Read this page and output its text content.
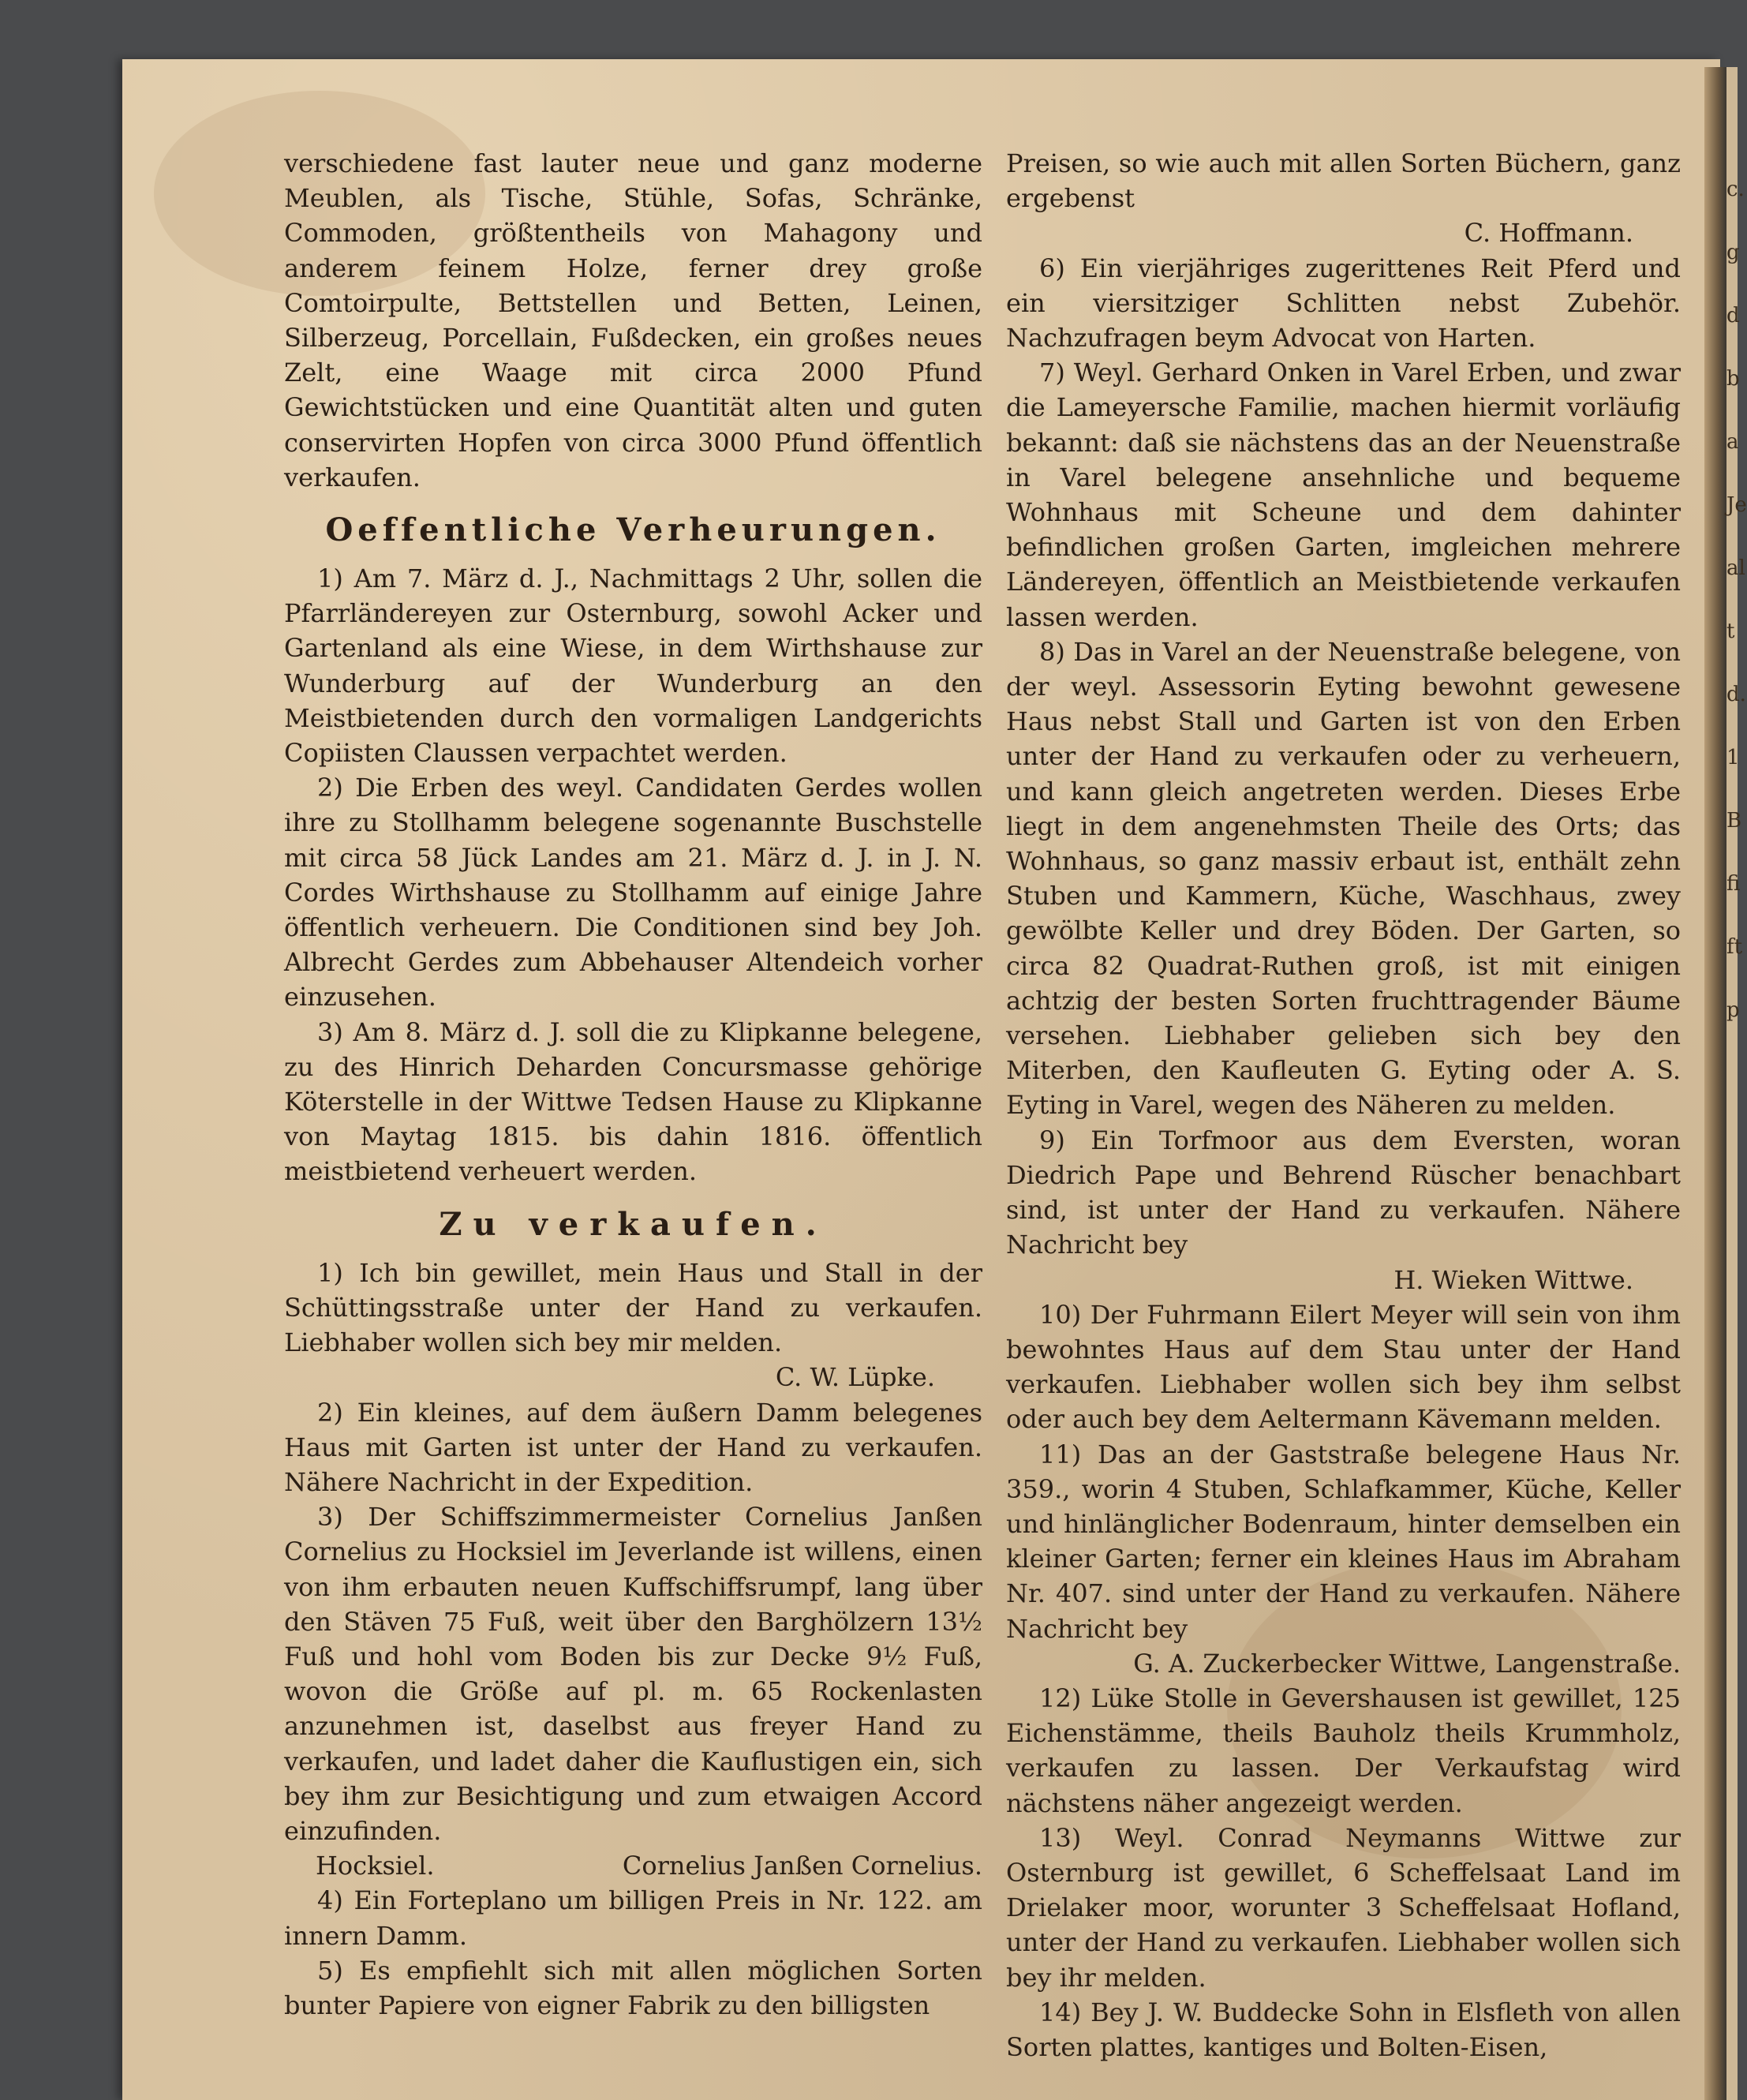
c.
g
d
b
a
Je
al
t
d.
1
B
fi
ft
p

verschiedene fast lauter neue und ganz moderne Meublen, als Tische, Stühle, Sofas, Schränke, Commoden, größtentheils von Mahagony und anderem feinem Holze, ferner drey große Comtoirpulte, Bettstellen und Betten, Leinen, Silberzeug, Porcellain, Fußdecken, ein großes neues Zelt, eine Waage mit circa 2000 Pfund Gewichtstücken und eine Quantität alten und guten conservirten Hopfen von circa 3000 Pfund öffentlich verkaufen.

Oeffentliche Verheurungen.

1) Am 7. März d. J., Nachmittags 2 Uhr, sollen die Pfarrländereyen zur Osternburg, sowohl Acker und Gartenland als eine Wiese, in dem Wirthshause zur Wunderburg auf der Wunderburg an den Meistbietenden durch den vormaligen Landgerichts Copiisten Claussen verpachtet werden.

2) Die Erben des weyl. Candidaten Gerdes wollen ihre zu Stollhamm belegene sogenannte Buschstelle mit circa 58 Jück Landes am 21. März d. J. in J. N. Cordes Wirthshause zu Stollhamm auf einige Jahre öffentlich verheuern. Die Conditionen sind bey Joh. Albrecht Gerdes zum Abbehauser Altendeich vorher einzusehen.

3) Am 8. März d. J. soll die zu Klipkanne belegene, zu des Hinrich Deharden Concursmasse gehörige Köterstelle in der Wittwe Tedsen Hause zu Klipkanne von Maytag 1815. bis dahin 1816. öffentlich meistbietend verheuert werden.

Zu verkaufen.

1) Ich bin gewillet, mein Haus und Stall in der Schüttingsstraße unter der Hand zu verkaufen. Liebhaber wollen sich bey mir melden.

C. W. Lüpke.

2) Ein kleines, auf dem äußern Damm belegenes Haus mit Garten ist unter der Hand zu verkaufen. Nähere Nachricht in der Expedition.

3) Der Schiffszimmermeister Cornelius Janßen Cornelius zu Hocksiel im Jeverlande ist willens, einen von ihm erbauten neuen Kuffschiffsrumpf, lang über den Stäven 75 Fuß, weit über den Barghölzern 13½ Fuß und hohl vom Boden bis zur Decke 9½ Fuß, wovon die Größe auf pl. m. 65 Rockenlasten anzunehmen ist, daselbst aus freyer Hand zu verkaufen, und ladet daher die Kauflustigen ein, sich bey ihm zur Besichtigung und zum etwaigen Accord einzufinden.

Hocksiel.	Cornelius Janßen Cornelius.

4) Ein Forteplano um billigen Preis in Nr. 122. am innern Damm.

5) Es empfiehlt sich mit allen möglichen Sorten bunter Papiere von eigner Fabrik zu den billigsten

Preisen, so wie auch mit allen Sorten Büchern, ganz ergebenst

C. Hoffmann.

6) Ein vierjähriges zugerittenes Reit Pferd und ein viersitziger Schlitten nebst Zubehör. Nachzufragen beym Advocat von Harten.

7) Weyl. Gerhard Onken in Varel Erben, und zwar die Lameyersche Familie, machen hiermit vorläufig bekannt: daß sie nächstens das an der Neuenstraße in Varel belegene ansehnliche und bequeme Wohnhaus mit Scheune und dem dahinter befindlichen großen Garten, imgleichen mehrere Ländereyen, öffentlich an Meistbietende verkaufen lassen werden.

8) Das in Varel an der Neuenstraße belegene, von der weyl. Assessorin Eyting bewohnt gewesene Haus nebst Stall und Garten ist von den Erben unter der Hand zu verkaufen oder zu verheuern, und kann gleich angetreten werden. Dieses Erbe liegt in dem angenehmsten Theile des Orts; das Wohnhaus, so ganz massiv erbaut ist, enthält zehn Stuben und Kammern, Küche, Waschhaus, zwey gewölbte Keller und drey Böden. Der Garten, so circa 82 Quadrat-Ruthen groß, ist mit einigen achtzig der besten Sorten fruchttragender Bäume versehen. Liebhaber gelieben sich bey den Miterben, den Kaufleuten G. Eyting oder A. S. Eyting in Varel, wegen des Näheren zu melden.

9) Ein Torfmoor aus dem Eversten, woran Diedrich Pape und Behrend Rüscher benachbart sind, ist unter der Hand zu verkaufen. Nähere Nachricht bey

H. Wieken Wittwe.

10) Der Fuhrmann Eilert Meyer will sein von ihm bewohntes Haus auf dem Stau unter der Hand verkaufen. Liebhaber wollen sich bey ihm selbst oder auch bey dem Aeltermann Kävemann melden.

11) Das an der Gaststraße belegene Haus Nr. 359., worin 4 Stuben, Schlafkammer, Küche, Keller und hinlänglicher Bodenraum, hinter demselben ein kleiner Garten; ferner ein kleines Haus im Abraham Nr. 407. sind unter der Hand zu verkaufen. Nähere Nachricht bey

G. A. Zuckerbecker Wittwe, Langenstraße.

12) Lüke Stolle in Gevershausen ist gewillet, 125 Eichenstämme, theils Bauholz theils Krummholz, verkaufen zu lassen. Der Verkaufstag wird nächstens näher angezeigt werden.

13) Weyl. Conrad Neymanns Wittwe zur Osternburg ist gewillet, 6 Scheffelsaat Land im Drielaker moor, worunter 3 Scheffelsaat Hofland, unter der Hand zu verkaufen. Liebhaber wollen sich bey ihr melden.

14) Bey J. W. Buddecke Sohn in Elsfleth von allen Sorten plattes, kantiges und Bolten-Eisen,
